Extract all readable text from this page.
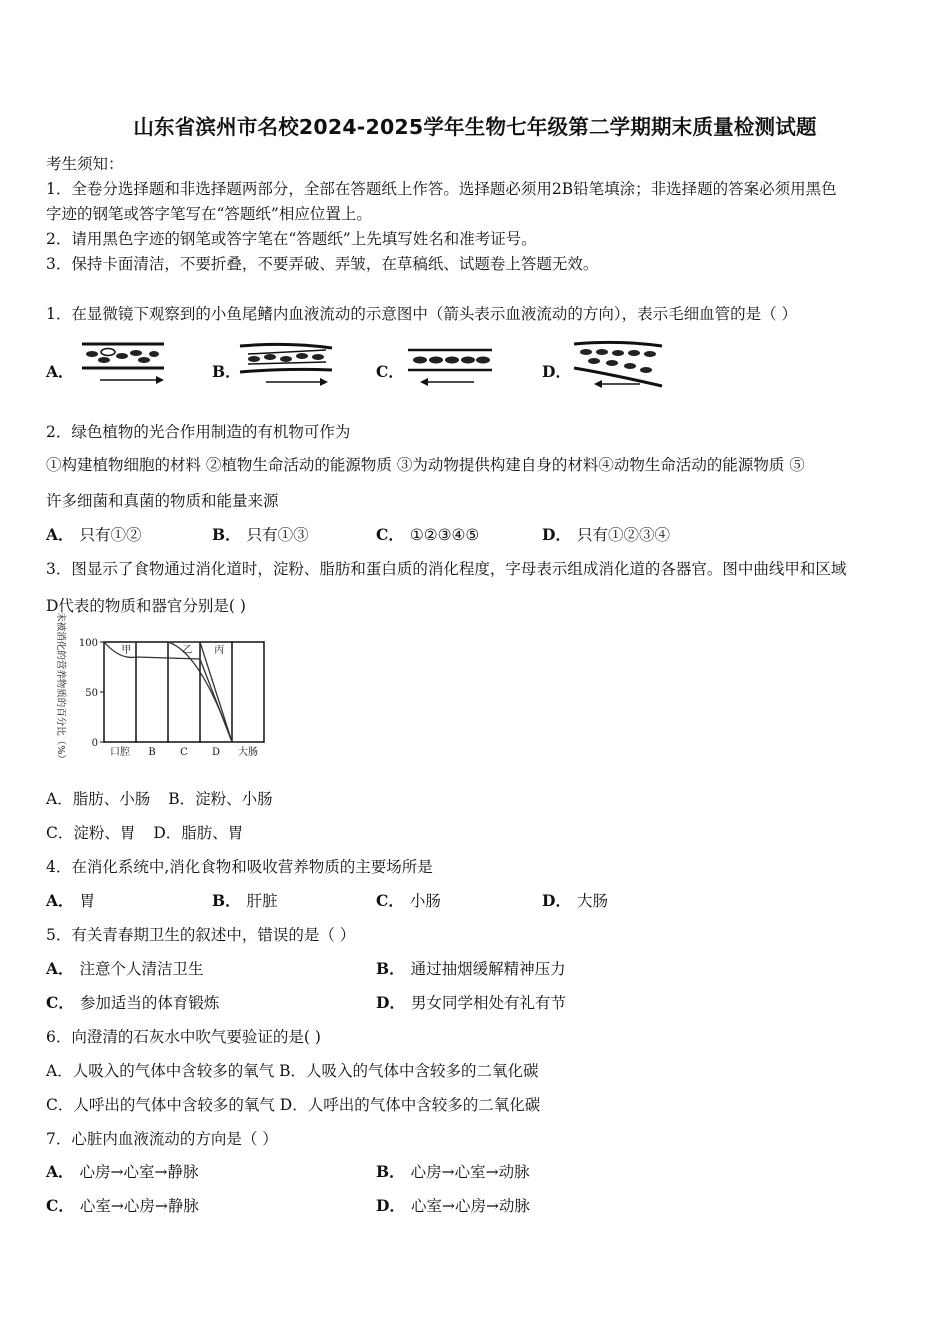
山东省滨州市名校2024-2025学年生物七年级第二学期期末质量检测试题
考生须知：
1．全卷分选择题和非选择题两部分，全部在答题纸上作答。选择题必须用2B铅笔填涂；非选择题的答案必须用黑色
字迹的钢笔或答字笔写在“答题纸”相应位置上。
2．请用黑色字迹的钢笔或答字笔在“答题纸”上先填写姓名和准考证号。
3．保持卡面清洁，不要折叠，不要弄破、弄皱，在草稿纸、试题卷上答题无效。
1．在显微镜下观察到的小鱼尾鳍内血液流动的示意图中（箭头表示血液流动的方向），表示毛细血管的是（ ）
A．	B．	C．	D．
2．绿色植物的光合作用制造的有机物可作为
①构建植物细胞的材料 ②植物生命活动的能源物质 ③为动物提供构建自身的材料④动物生命活动的能源物质 ⑤
许多细菌和真菌的物质和能量来源
A． 只有①②	B． 只有①③	C． ①②③④⑤	D． 只有①②③④
3．图显示了食物通过消化道时，淀粉、脂肪和蛋白质的消化程度，字母表示组成消化道的各器官。图中曲线甲和区域
D代表的物质和器官分别是( )
未被消化的营养物质的百分比（%） 100
50
0
口腔 B C D 大肠
甲	乙 丙
A．脂肪、小肠 B．淀粉、小肠
C．淀粉、胃 D．脂肪、胃
4．在消化系统中,消化食物和吸收营养物质的主要场所是
A． 胃	B． 肝脏	C． 小肠	D． 大肠
5．有关青春期卫生的叙述中，错误的是（ ）
A． 注意个人清洁卫生	B． 通过抽烟缓解精神压力
C． 参加适当的体育锻炼	D． 男女同学相处有礼有节
6．向澄清的石灰水中吹气要验证的是( )
A．人吸入的气体中含较多的氧气 B．人吸入的气体中含较多的二氧化碳
C．人呼出的气体中含较多的氧气 D．人呼出的气体中含较多的二氧化碳
7．心脏内血液流动的方向是（ ）
A． 心房→心室→静脉	B． 心房→心室→动脉
C． 心室→心房→静脉	D． 心室→心房→动脉
